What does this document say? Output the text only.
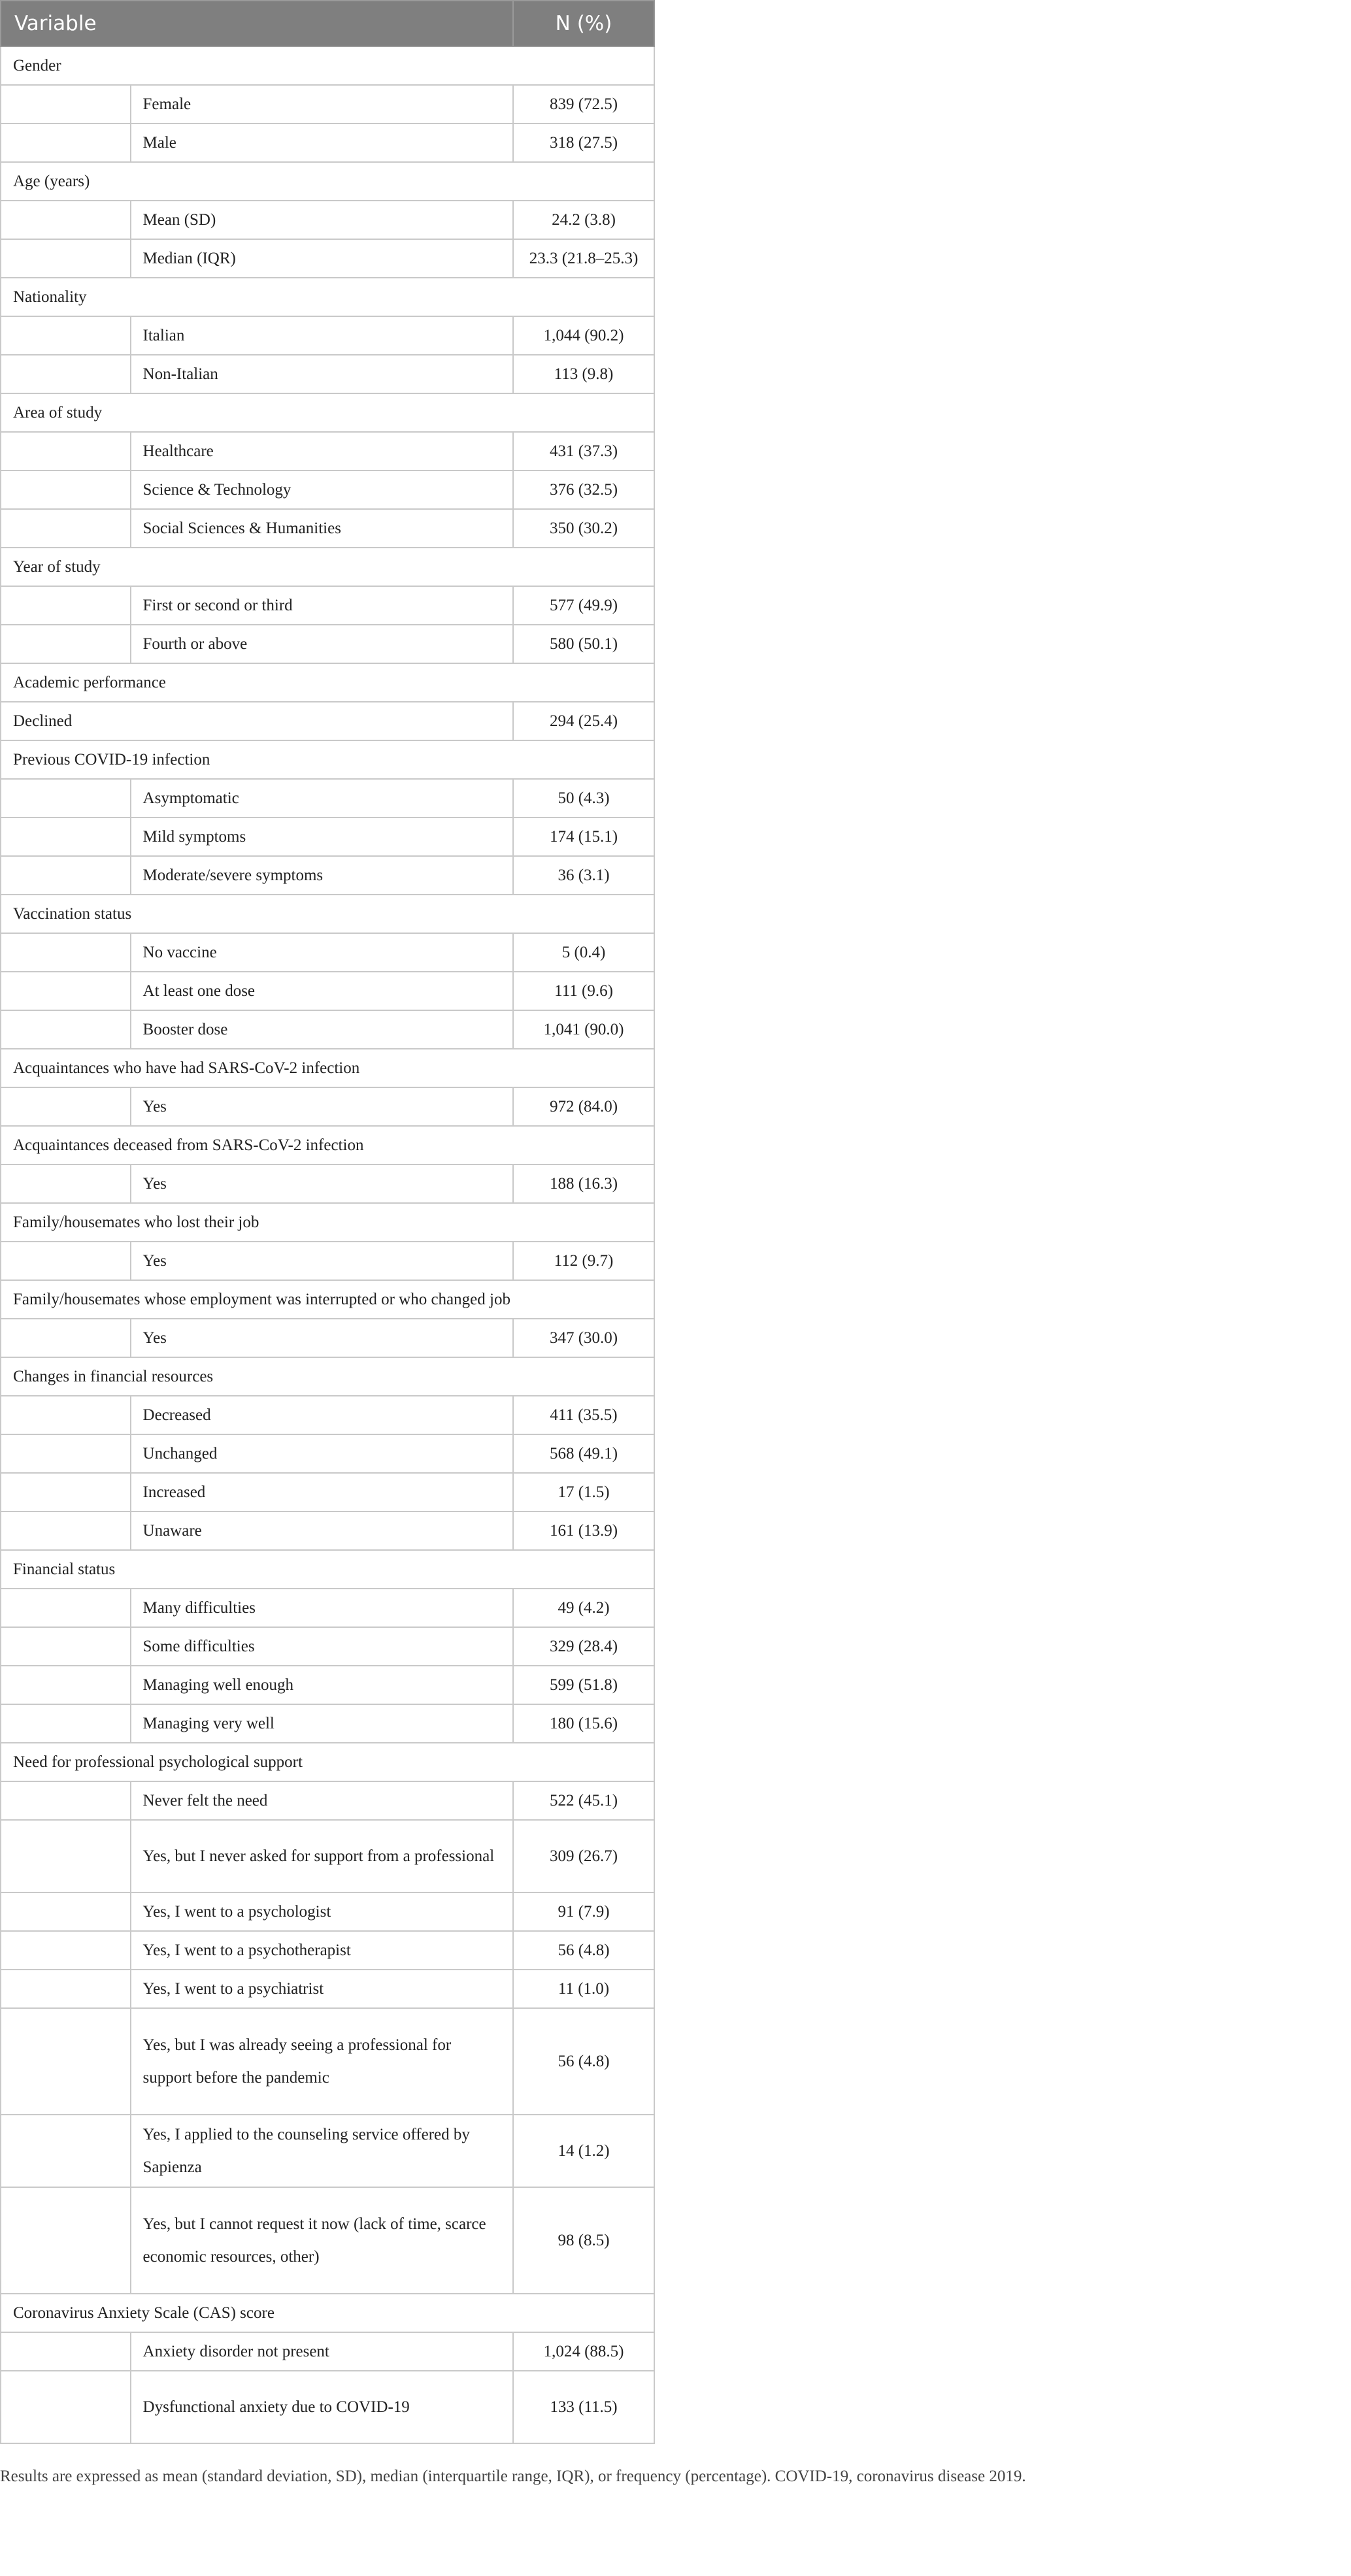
Variable		N (%)
Gender		
	Female	839 (72.5)
	Male	318 (27.5)
Age (years)		
	Mean (SD)	24.2 (3.8)
	Median (IQR)	23.3 (21.8–25.3)
Nationality		
	Italian	1,044 (90.2)
	Non-Italian	113 (9.8)
Area of study		
	Healthcare	431 (37.3)
	Science & Technology	376 (32.5)
	Social Sciences & Humanities	350 (30.2)
Year of study		
	First or second or third	577 (49.9)
	Fourth or above	580 (50.1)
Academic performance		
Declined		294 (25.4)
Previous COVID-19 infection		
	Asymptomatic	50 (4.3)
	Mild symptoms	174 (15.1)
	Moderate/severe symptoms	36 (3.1)
Vaccination status		
	No vaccine	5 (0.4)
	At least one dose	111 (9.6)
	Booster dose	1,041 (90.0)
Acquaintances who have had SARS-CoV-2 infection		
	Yes	972 (84.0)
Acquaintances deceased from SARS-CoV-2 infection		
	Yes	188 (16.3)
Family/housemates who lost their job		
	Yes	112 (9.7)
Family/housemates whose employment was interrupted or who changed job		
	Yes	347 (30.0)
Changes in financial resources		
	Decreased	411 (35.5)
	Unchanged	568 (49.1)
	Increased	17 (1.5)
	Unaware	161 (13.9)
Financial status		
	Many difficulties	49 (4.2)
	Some difficulties	329 (28.4)
	Managing well enough	599 (51.8)
	Managing very well	180 (15.6)
Need for professional psychological support		
	Never felt the need	522 (45.1)
	Yes, but I never asked for support from a professional	309 (26.7)
	Yes, I went to a psychologist	91 (7.9)
	Yes, I went to a psychotherapist	56 (4.8)
	Yes, I went to a psychiatrist	11 (1.0)
	Yes, but I was already seeing a professional for support before the pandemic	56 (4.8)
	Yes, I applied to the counseling service offered by Sapienza	14 (1.2)
	Yes, but I cannot request it now (lack of time, scarce economic resources, other)	98 (8.5)
Coronavirus Anxiety Scale (CAS) score		
	Anxiety disorder not present	1,024 (88.5)
	Dysfunctional anxiety due to COVID-19	133 (11.5)
Results are expressed as mean (standard deviation, SD), median (interquartile range, IQR), or frequency (percentage). COVID-19, coronavirus disease 2019.
